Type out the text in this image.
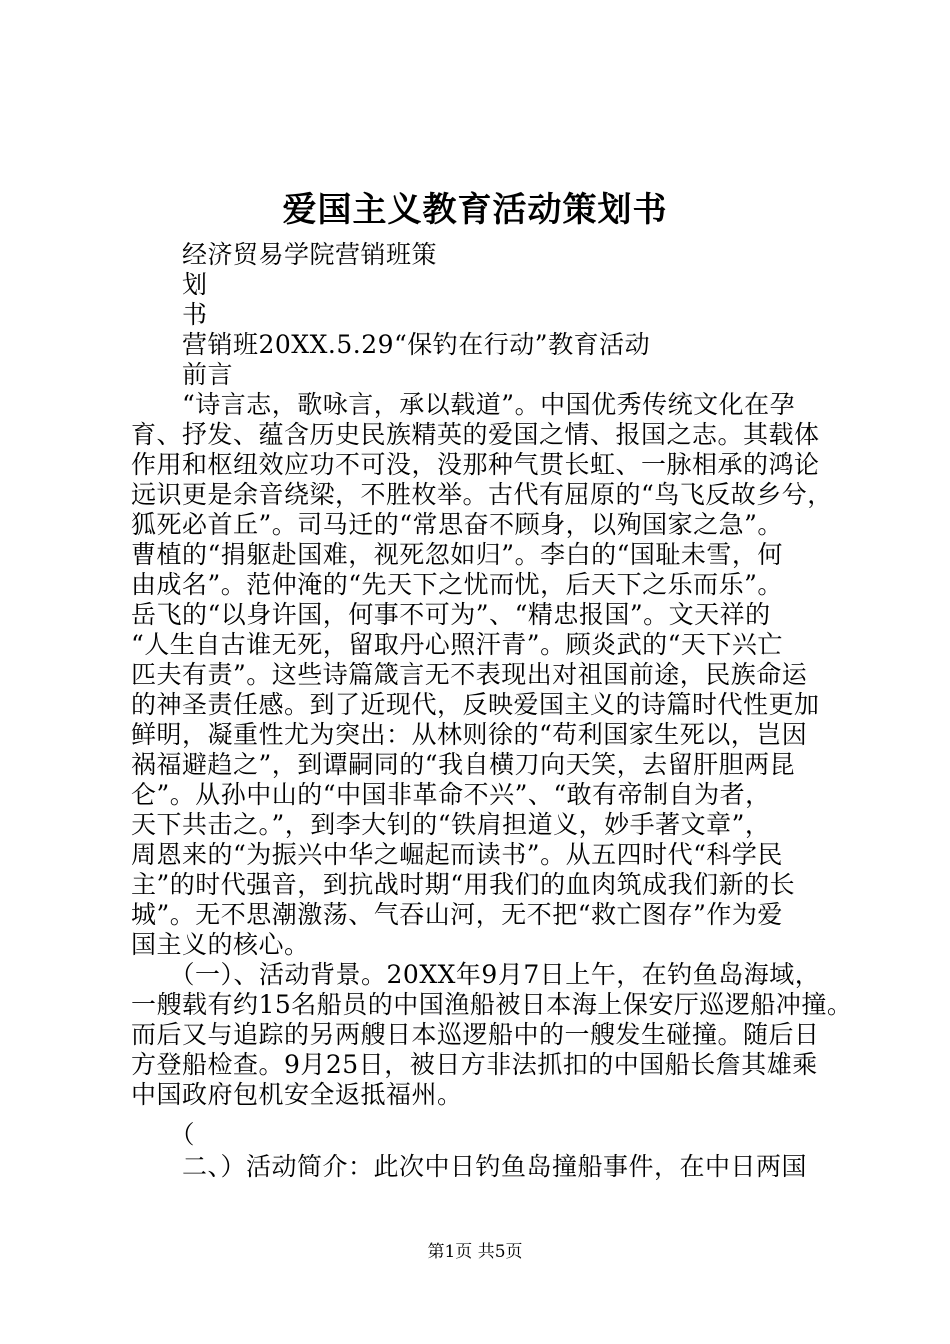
爱国主义教育活动策划书
　　经济贸易学院营销班策
　　划
　　书
　　营销班20XX.5.29“保钓在行动”教育活动
　　前言
　　“诗言志，歌咏言，承以载道”。中国优秀传统文化在孕
育、抒发、蕴含历史民族精英的爱国之情、报国之志。其载体
作用和枢纽效应功不可没，没那种气贯长虹、一脉相承的鸿论
远识更是余音绕梁，不胜枚举。古代有屈原的“鸟飞反故乡兮，
狐死必首丘”。司马迁的“常思奋不顾身，以殉国家之急”。
曹植的“捐躯赴国难，视死忽如归”。李白的“国耻未雪，何
由成名”。范仲淹的“先天下之忧而忧，后天下之乐而乐”。
岳飞的“以身许国，何事不可为”、“精忠报国”。文天祥的
“人生自古谁无死，留取丹心照汗青”。顾炎武的“天下兴亡
匹夫有责”。这些诗篇箴言无不表现出对祖国前途，民族命运
的神圣责任感。到了近现代，反映爱国主义的诗篇时代性更加
鲜明，凝重性尤为突出：从林则徐的“苟利国家生死以，岂因
祸福避趋之”，到谭嗣同的“我自横刀向天笑，去留肝胆两昆
仑”。从孙中山的“中国非革命不兴”、“敢有帝制自为者，
天下共击之。”，到李大钊的“铁肩担道义，妙手著文章”，
周恩来的“为振兴中华之崛起而读书”。从五四时代“科学民
主”的时代强音，到抗战时期“用我们的血肉筑成我们新的长
城”。无不思潮激荡、气吞山河，无不把“救亡图存”作为爱
国主义的核心。
　　（一）、活动背景。20XX年9月7日上午，在钓鱼岛海域，
一艘载有约15名船员的中国渔船被日本海上保安厅巡逻船冲撞。
而后又与追踪的另两艘日本巡逻船中的一艘发生碰撞。随后日
方登船检查。9月25日，被日方非法抓扣的中国船长詹其雄乘
中国政府包机安全返抵福州。
　　（
　　二、）活动简介：此次中日钓鱼岛撞船事件，在中日两国
第1页 共5页
